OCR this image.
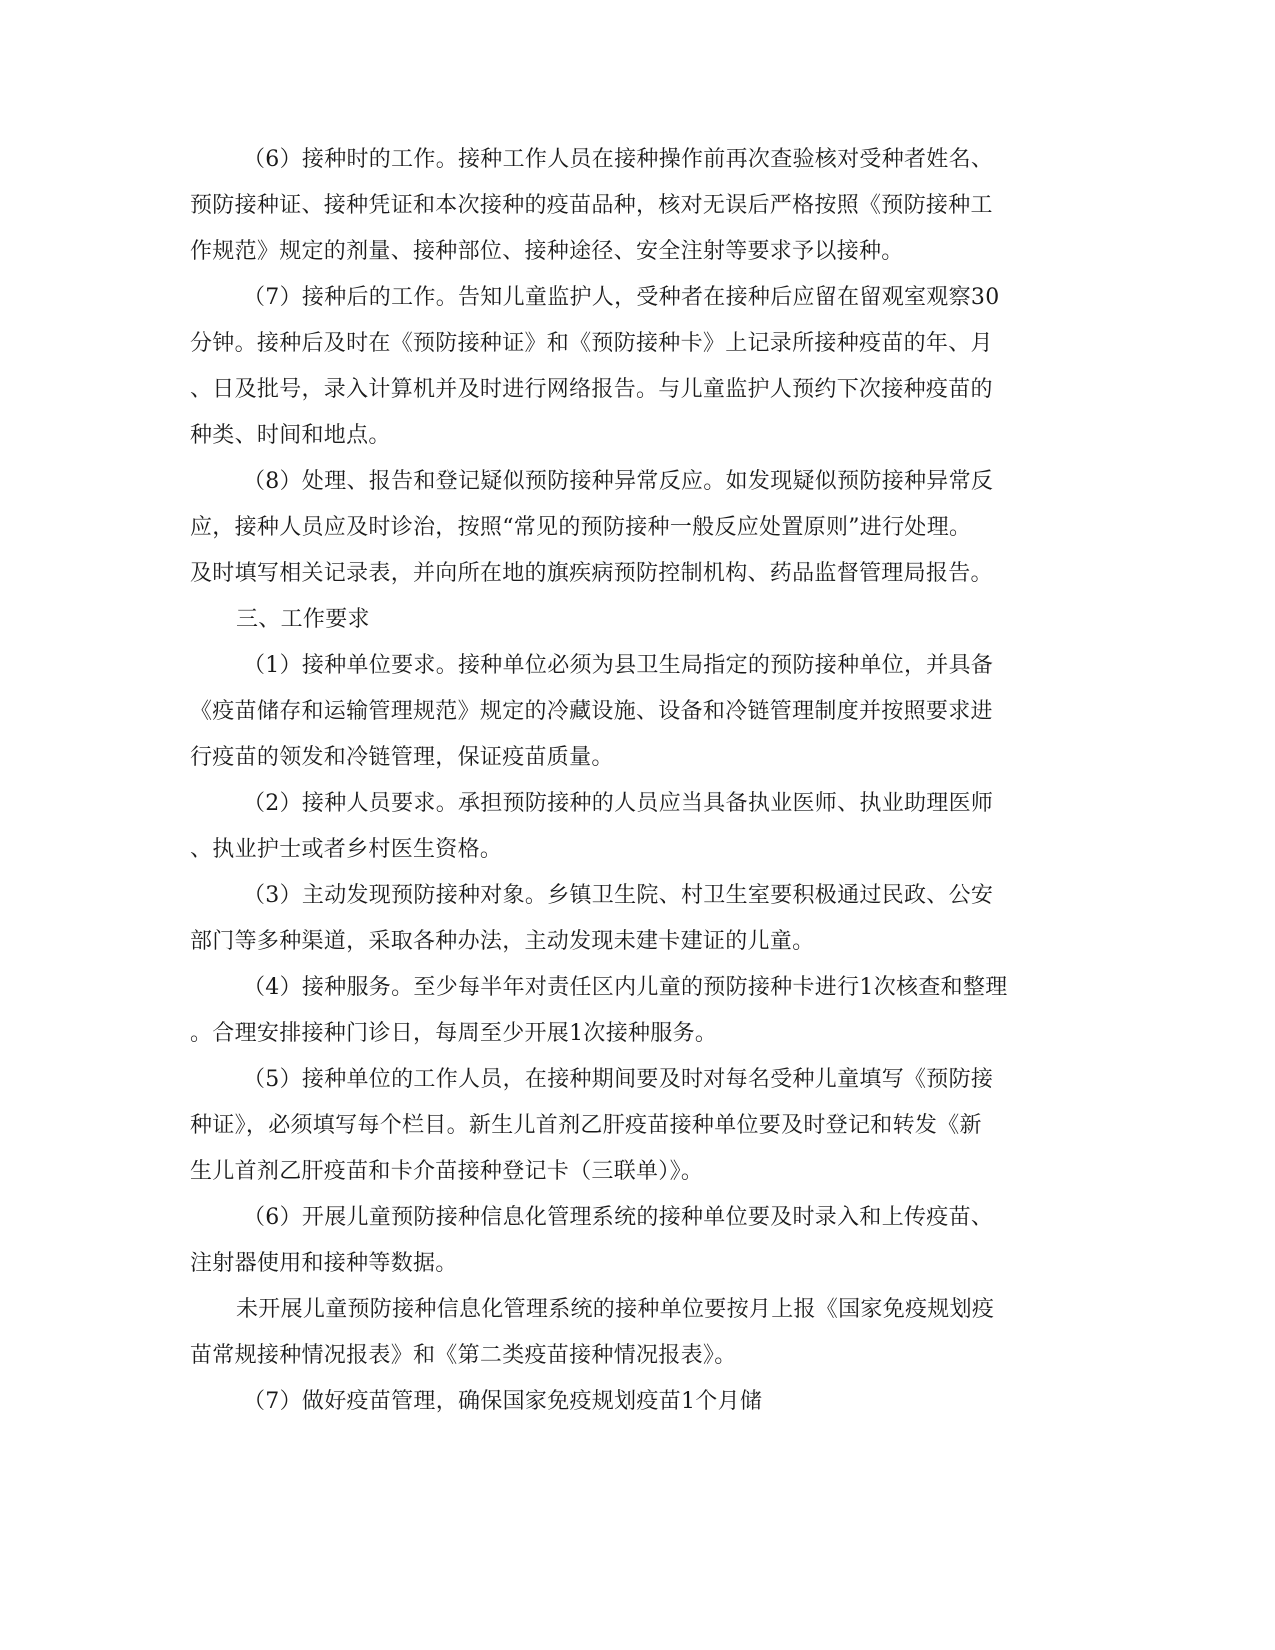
（6）接种时的工作。接种工作人员在接种操作前再次查验核对受种者姓名、
预防接种证、接种凭证和本次接种的疫苗品种，核对无误后严格按照《预防接种工
作规范》规定的剂量、接种部位、接种途径、安全注射等要求予以接种。
（7）接种后的工作。告知儿童监护人，受种者在接种后应留在留观室观察30
分钟。接种后及时在《预防接种证》和《预防接种卡》上记录所接种疫苗的年、月
、日及批号，录入计算机并及时进行网络报告。与儿童监护人预约下次接种疫苗的
种类、时间和地点。
（8）处理、报告和登记疑似预防接种异常反应。如发现疑似预防接种异常反
应，接种人员应及时诊治，按照“常见的预防接种一般反应处置原则”进行处理。
及时填写相关记录表，并向所在地的旗疾病预防控制机构、药品监督管理局报告。
三、工作要求
（1）接种单位要求。接种单位必须为县卫生局指定的预防接种单位，并具备
《疫苗储存和运输管理规范》规定的冷藏设施、设备和冷链管理制度并按照要求进
行疫苗的领发和冷链管理，保证疫苗质量。
（2）接种人员要求。承担预防接种的人员应当具备执业医师、执业助理医师
、执业护士或者乡村医生资格。
（3）主动发现预防接种对象。乡镇卫生院、村卫生室要积极通过民政、公安
部门等多种渠道，采取各种办法，主动发现未建卡建证的儿童。
（4）接种服务。至少每半年对责任区内儿童的预防接种卡进行1次核查和整理
。合理安排接种门诊日，每周至少开展1次接种服务。
（5）接种单位的工作人员，在接种期间要及时对每名受种儿童填写《预防接
种证》，必须填写每个栏目。新生儿首剂乙肝疫苗接种单位要及时登记和转发《新
生儿首剂乙肝疫苗和卡介苗接种登记卡（三联单）》。
（6）开展儿童预防接种信息化管理系统的接种单位要及时录入和上传疫苗、
注射器使用和接种等数据。
未开展儿童预防接种信息化管理系统的接种单位要按月上报《国家免疫规划疫
苗常规接种情况报表》和《第二类疫苗接种情况报表》。
（7）做好疫苗管理，确保国家免疫规划疫苗1个月储
